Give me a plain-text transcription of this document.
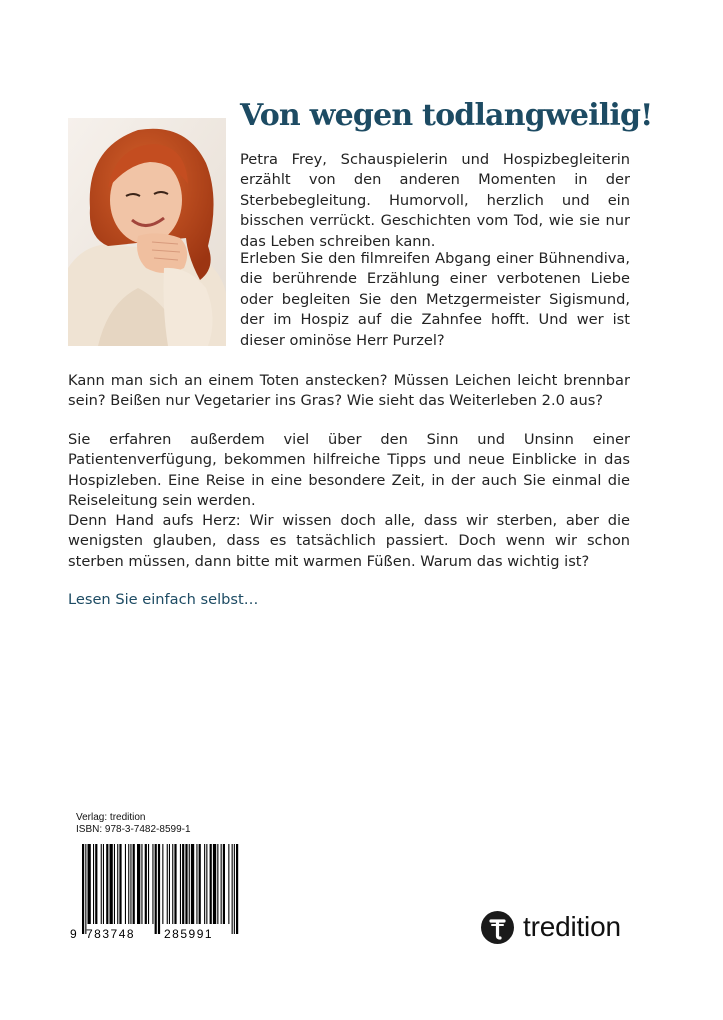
Von wegen todlangweilig!

Petra Frey, Schauspielerin und Hospizbegleiterin erzählt von den anderen Momenten in der Sterbebegleitung. Humorvoll, herzlich und ein bisschen verrückt. Geschichten vom Tod, wie sie nur das Leben schreiben kann.

Erleben Sie den filmreifen Abgang einer Bühnendiva, die berührende Erzählung einer verbotenen Liebe oder begleiten Sie den Metzgermeister Sigismund, der im Hospiz auf die Zahnfee hofft. Und wer ist dieser ominöse Herr Purzel?

Kann man sich an einem Toten anstecken? Müssen Leichen leicht brennbar sein? Beißen nur Vegetarier ins Gras? Wie sieht das Weiterleben 2.0 aus?

Sie erfahren außerdem viel über den Sinn und Unsinn einer Patientenverfügung, bekommen hilfreiche Tipps und neue Einblicke in das Hospizleben. Eine Reise in eine besondere Zeit, in der auch Sie einmal die Reiseleitung sein werden.

Denn Hand aufs Herz: Wir wissen doch alle, dass wir sterben, aber die wenigsten glauben, dass es tatsächlich passiert. Doch wenn wir schon sterben müssen, dann bitte mit warmen Füßen. Warum das wichtig ist?

Lesen Sie einfach selbst…

Verlag: tredition
ISBN: 978-3-7482-8599-1
9 783748 285991	tredition
